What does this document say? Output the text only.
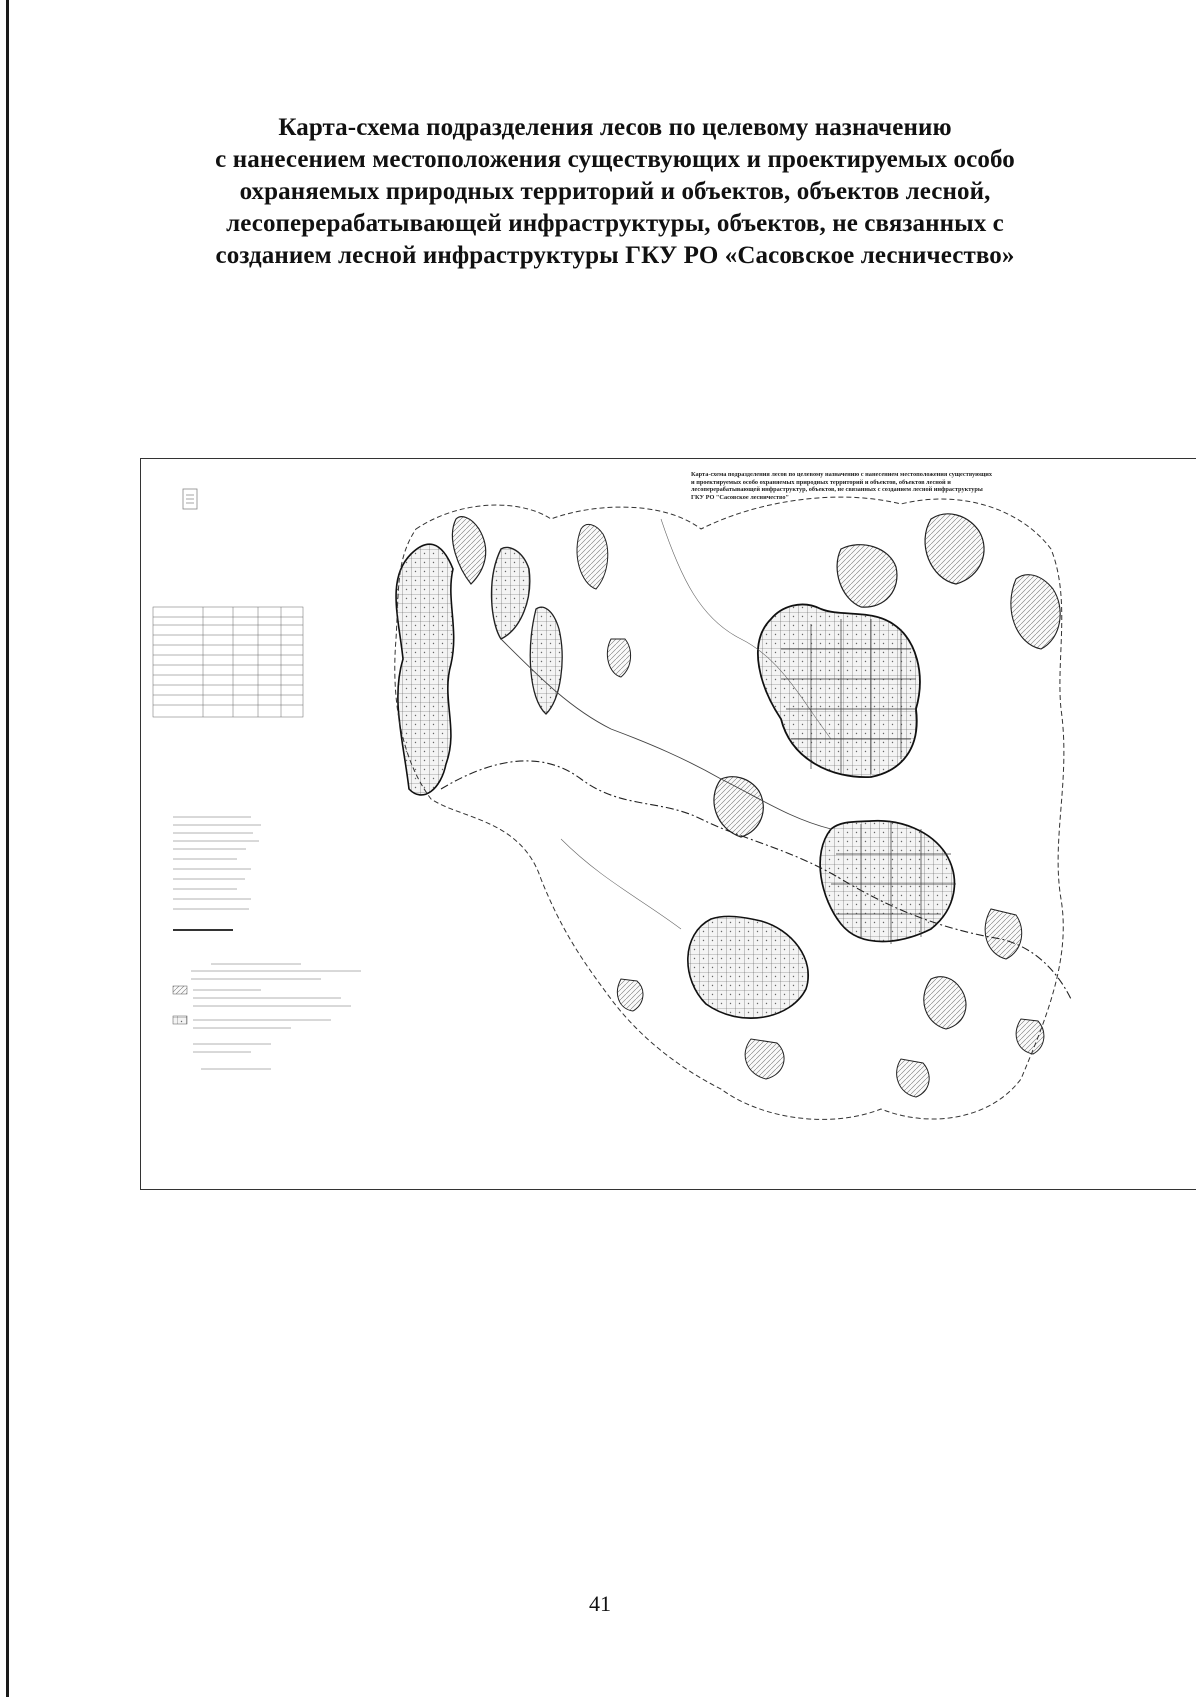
Карта-схема подразделения лесов по целевому назначению
с нанесением местоположения существующих и проектируемых особо
охраняемых природных территорий и объектов, объектов лесной,
лесоперерабатывающей инфраструктуры, объектов, не связанных с
созданием лесной инфраструктуры ГКУ РО «Сасовское лесничество»
Карта-схема подразделения лесов по целевому назначению с нанесением местоположения существующих
и проектируемых особо охраняемых природных территорий и объектов, объектов лесной и
лесоперерабатывающей инфраструктур, объектов, не связанных с созданием лесной инфраструктуры
ГКУ РО "Сасовское лесничество"
41
